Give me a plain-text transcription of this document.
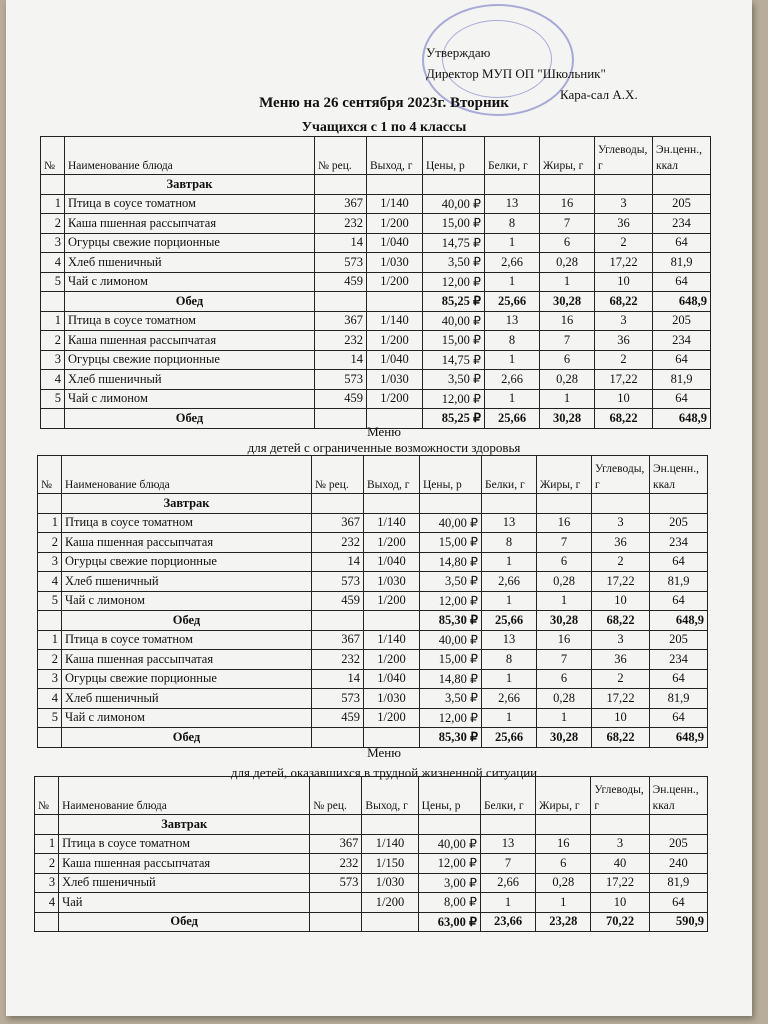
Утверждаю
Директор МУП ОП "Школьник"
Кара-сал А.Х.
Меню на 26 сентября 2023г. Вторник
Учащихся с 1 по 4 классы
Меню
для детей с ограниченные возможности здоровья
Меню
для детей, оказавшихся в трудной жизненной ситуации
№	Наименование блюда	№ рец.	Выход, г	Цены, р	Белки, г	Жиры, г	Углеводы, г	Эн.ценн., ккал
	Завтрак							
1	Птица в соусе томатном	367	1/140	40,00 ₽	13	16	3	205
2	Каша пшенная рассыпчатая	232	1/200	15,00 ₽	8	7	36	234
3	Огурцы свежие порционные	14	1/040	14,75 ₽	1	6	2	64
4	Хлеб пшеничный	573	1/030	3,50 ₽	2,66	0,28	17,22	81,9
5	Чай с лимоном	459	1/200	12,00 ₽	1	1	10	64
	Обед			85,25 ₽	25,66	30,28	68,22	648,9
1	Птица в соусе томатном	367	1/140	40,00 ₽	13	16	3	205
2	Каша пшенная рассыпчатая	232	1/200	15,00 ₽	8	7	36	234
3	Огурцы свежие порционные	14	1/040	14,75 ₽	1	6	2	64
4	Хлеб пшеничный	573	1/030	3,50 ₽	2,66	0,28	17,22	81,9
5	Чай с лимоном	459	1/200	12,00 ₽	1	1	10	64
	Обед			85,25 ₽	25,66	30,28	68,22	648,9
№	Наименование блюда	№ рец.	Выход, г	Цены, р	Белки, г	Жиры, г	Углеводы, г	Эн.ценн., ккал
	Завтрак							
1	Птица в соусе томатном	367	1/140	40,00 ₽	13	16	3	205
2	Каша пшенная рассыпчатая	232	1/200	15,00 ₽	8	7	36	234
3	Огурцы свежие порционные	14	1/040	14,80 ₽	1	6	2	64
4	Хлеб пшеничный	573	1/030	3,50 ₽	2,66	0,28	17,22	81,9
5	Чай с лимоном	459	1/200	12,00 ₽	1	1	10	64
	Обед			85,30 ₽	25,66	30,28	68,22	648,9
1	Птица в соусе томатном	367	1/140	40,00 ₽	13	16	3	205
2	Каша пшенная рассыпчатая	232	1/200	15,00 ₽	8	7	36	234
3	Огурцы свежие порционные	14	1/040	14,80 ₽	1	6	2	64
4	Хлеб пшеничный	573	1/030	3,50 ₽	2,66	0,28	17,22	81,9
5	Чай с лимоном	459	1/200	12,00 ₽	1	1	10	64
	Обед			85,30 ₽	25,66	30,28	68,22	648,9
№	Наименование блюда	№ рец.	Выход, г	Цены, р	Белки, г	Жиры, г	Углеводы, г	Эн.ценн., ккал
	Завтрак							
1	Птица в соусе томатном	367	1/140	40,00 ₽	13	16	3	205
2	Каша пшенная рассыпчатая	232	1/150	12,00 ₽	7	6	40	240
3	Хлеб пшеничный	573	1/030	3,00 ₽	2,66	0,28	17,22	81,9
4	Чай		1/200	8,00 ₽	1	1	10	64
	Обед			63,00 ₽	23,66	23,28	70,22	590,9
